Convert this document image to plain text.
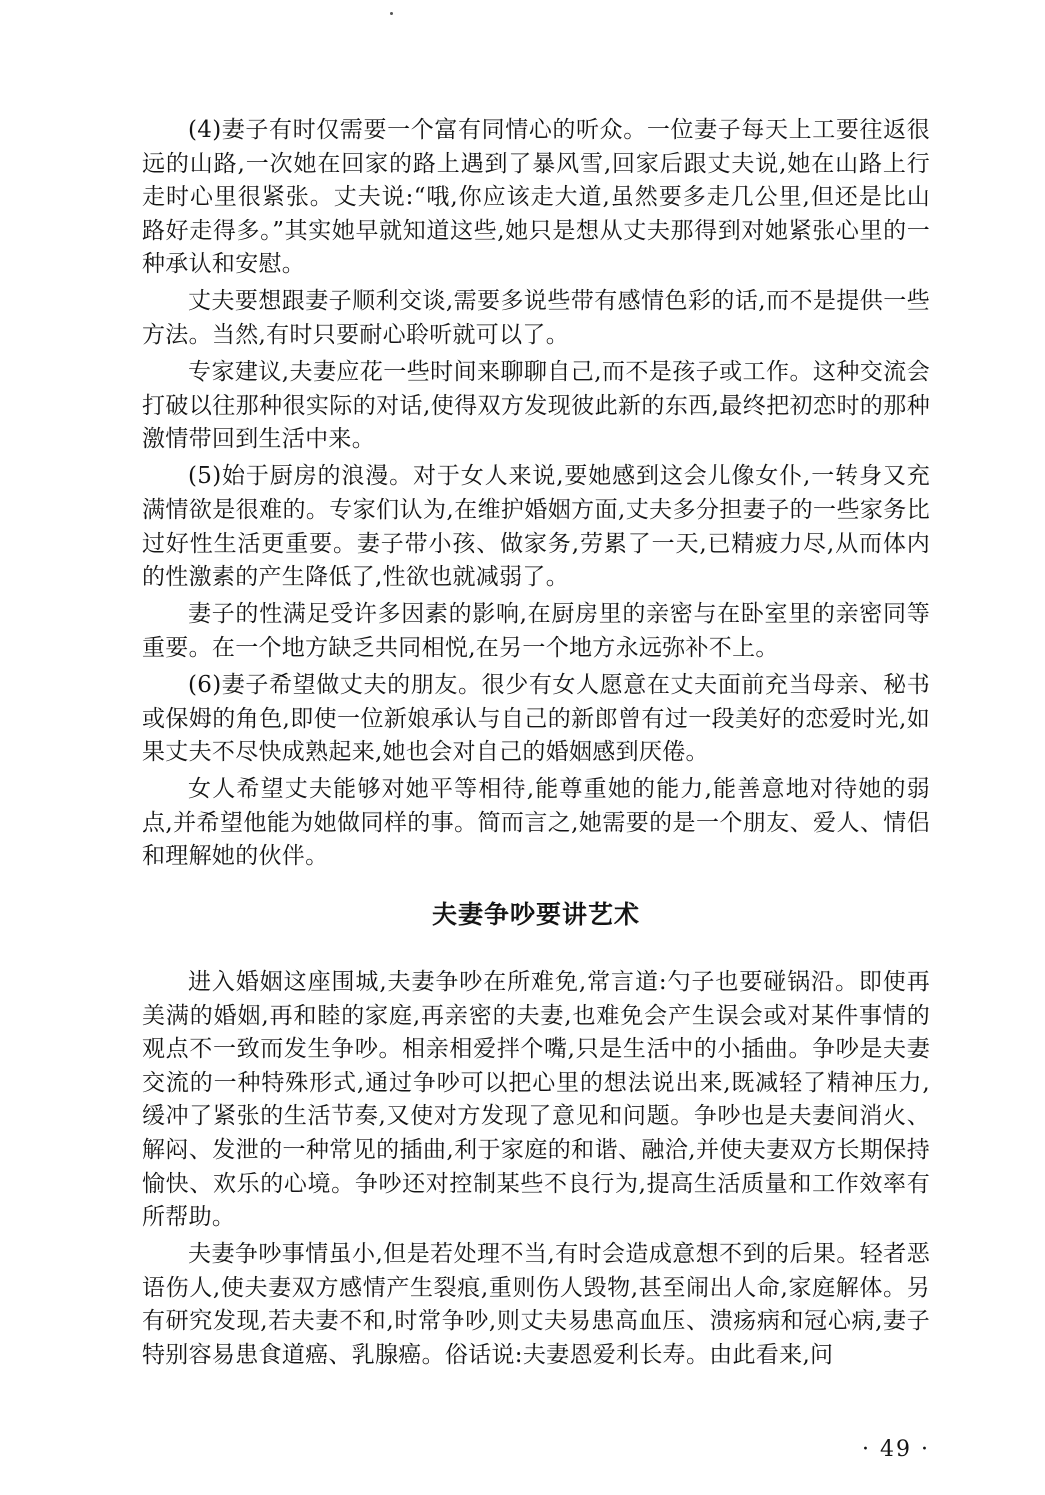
(4)妻子有时仅需要一个富有同情心的听众。一位妻子每天上工要往返很远的山路,一次她在回家的路上遇到了暴风雪,回家后跟丈夫说,她在山路上行走时心里很紧张。丈夫说:“哦,你应该走大道,虽然要多走几公里,但还是比山路好走得多。”其实她早就知道这些,她只是想从丈夫那得到对她紧张心里的一种承认和安慰。

丈夫要想跟妻子顺利交谈,需要多说些带有感情色彩的话,而不是提供一些方法。当然,有时只要耐心聆听就可以了。

专家建议,夫妻应花一些时间来聊聊自己,而不是孩子或工作。这种交流会打破以往那种很实际的对话,使得双方发现彼此新的东西,最终把初恋时的那种激情带回到生活中来。

(5)始于厨房的浪漫。对于女人来说,要她感到这会儿像女仆,一转身又充满情欲是很难的。专家们认为,在维护婚姻方面,丈夫多分担妻子的一些家务比过好性生活更重要。妻子带小孩、做家务,劳累了一天,已精疲力尽,从而体内的性激素的产生降低了,性欲也就减弱了。

妻子的性满足受许多因素的影响,在厨房里的亲密与在卧室里的亲密同等重要。在一个地方缺乏共同相悦,在另一个地方永远弥补不上。

(6)妻子希望做丈夫的朋友。很少有女人愿意在丈夫面前充当母亲、秘书或保姆的角色,即使一位新娘承认与自己的新郎曾有过一段美好的恋爱时光,如果丈夫不尽快成熟起来,她也会对自己的婚姻感到厌倦。

女人希望丈夫能够对她平等相待,能尊重她的能力,能善意地对待她的弱点,并希望他能为她做同样的事。简而言之,她需要的是一个朋友、爱人、情侣和理解她的伙伴。

夫妻争吵要讲艺术

进入婚姻这座围城,夫妻争吵在所难免,常言道:勺子也要碰锅沿。即使再美满的婚姻,再和睦的家庭,再亲密的夫妻,也难免会产生误会或对某件事情的观点不一致而发生争吵。相亲相爱拌个嘴,只是生活中的小插曲。争吵是夫妻交流的一种特殊形式,通过争吵可以把心里的想法说出来,既减轻了精神压力,缓冲了紧张的生活节奏,又使对方发现了意见和问题。争吵也是夫妻间消火、解闷、发泄的一种常见的插曲,利于家庭的和谐、融洽,并使夫妻双方长期保持愉快、欢乐的心境。争吵还对控制某些不良行为,提高生活质量和工作效率有所帮助。

夫妻争吵事情虽小,但是若处理不当,有时会造成意想不到的后果。轻者恶语伤人,使夫妻双方感情产生裂痕,重则伤人毁物,甚至闹出人命,家庭解体。另有研究发现,若夫妻不和,时常争吵,则丈夫易患高血压、溃疡病和冠心病,妻子特别容易患食道癌、乳腺癌。俗话说:夫妻恩爱利长寿。由此看来,问

· 49 ·
